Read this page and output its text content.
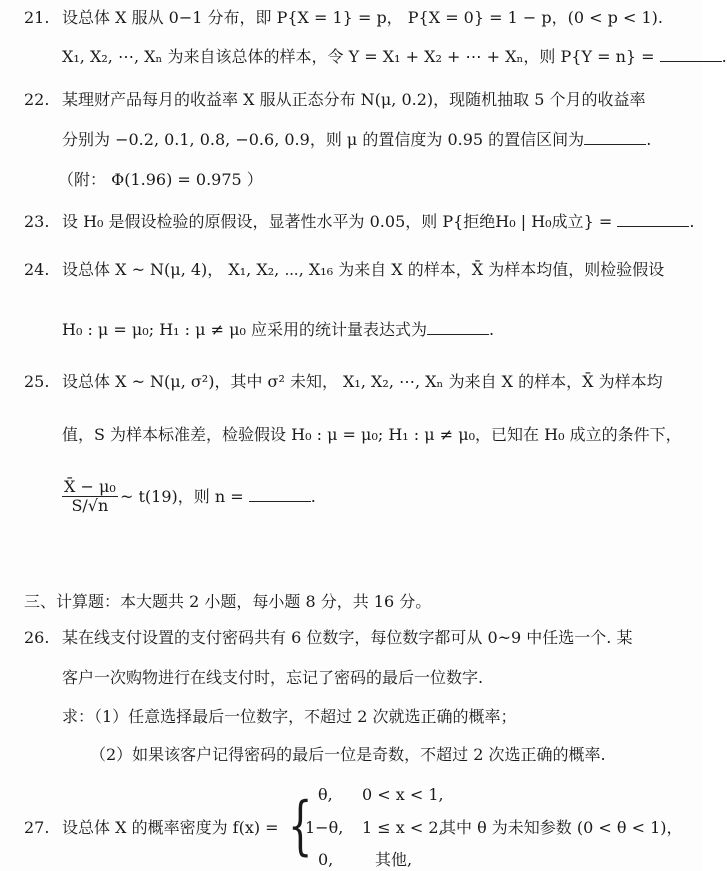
21. 设总体 X 服从 0−1 分布，即 P{X = 1} = p， P{X = 0} = 1 − p，(0 < p < 1).
X₁, X₂, ⋯, Xₙ 为来自该总体的样本，令 Y = X₁ + X₂ + ⋯ + Xₙ，则 P{Y = n} =	.
22. 某理财产品每月的收益率 X 服从正态分布 N(μ, 0.2)，现随机抽取 5 个月的收益率
分别为 −0.2, 0.1, 0.8, −0.6, 0.9，则 μ 的置信度为 0.95 的置信区间为	.
（附： Φ(1.96) = 0.975 ）
23. 设 H₀ 是假设检验的原假设，显著性水平为 0.05，则 P{拒绝H₀ | H₀成立} =	.
24. 设总体 X ~ N(μ, 4)， X₁, X₂, ⋯, X₁₆ 为来自 X 的样本，X̄ 为样本均值，则检验假设
H₀ : μ = μ₀; H₁ : μ ≠ μ₀ 应采用的统计量表达式为	.
25. 设总体 X ~ N(μ, σ²)，其中 σ² 未知， X₁, X₂, ⋯, Xₙ 为来自 X 的样本，X̄ 为样本均
值，S 为样本标准差，检验假设 H₀ : μ = μ₀; H₁ : μ ≠ μ₀，已知在 H₀ 成立的条件下，
$\frac{\text{X̄ − μ₀}}{S/√n}$ ~ t(19)，则 n =	.
三、计算题：本大题共 2 小题，每小题 8 分，共 16 分。
26. 某在线支付设置的支付密码共有 6 位数字，每位数字都可从 0~9 中任选一个. 某
客户一次购物进行在线支付时，忘记了密码的最后一位数字.
求：（1）任意选择最后一位数字，不超过 2 次就选正确的概率；
（2）如果该客户记得密码的最后一位是奇数，不超过 2 次选正确的概率.
27. 设总体 X 的概率密度为 f(x) = { θ, 0 < x < 1,
1−θ, 1 ≤ x < 2,
0,	其他,
其中 θ 为未知参数 (0 < θ < 1)，
